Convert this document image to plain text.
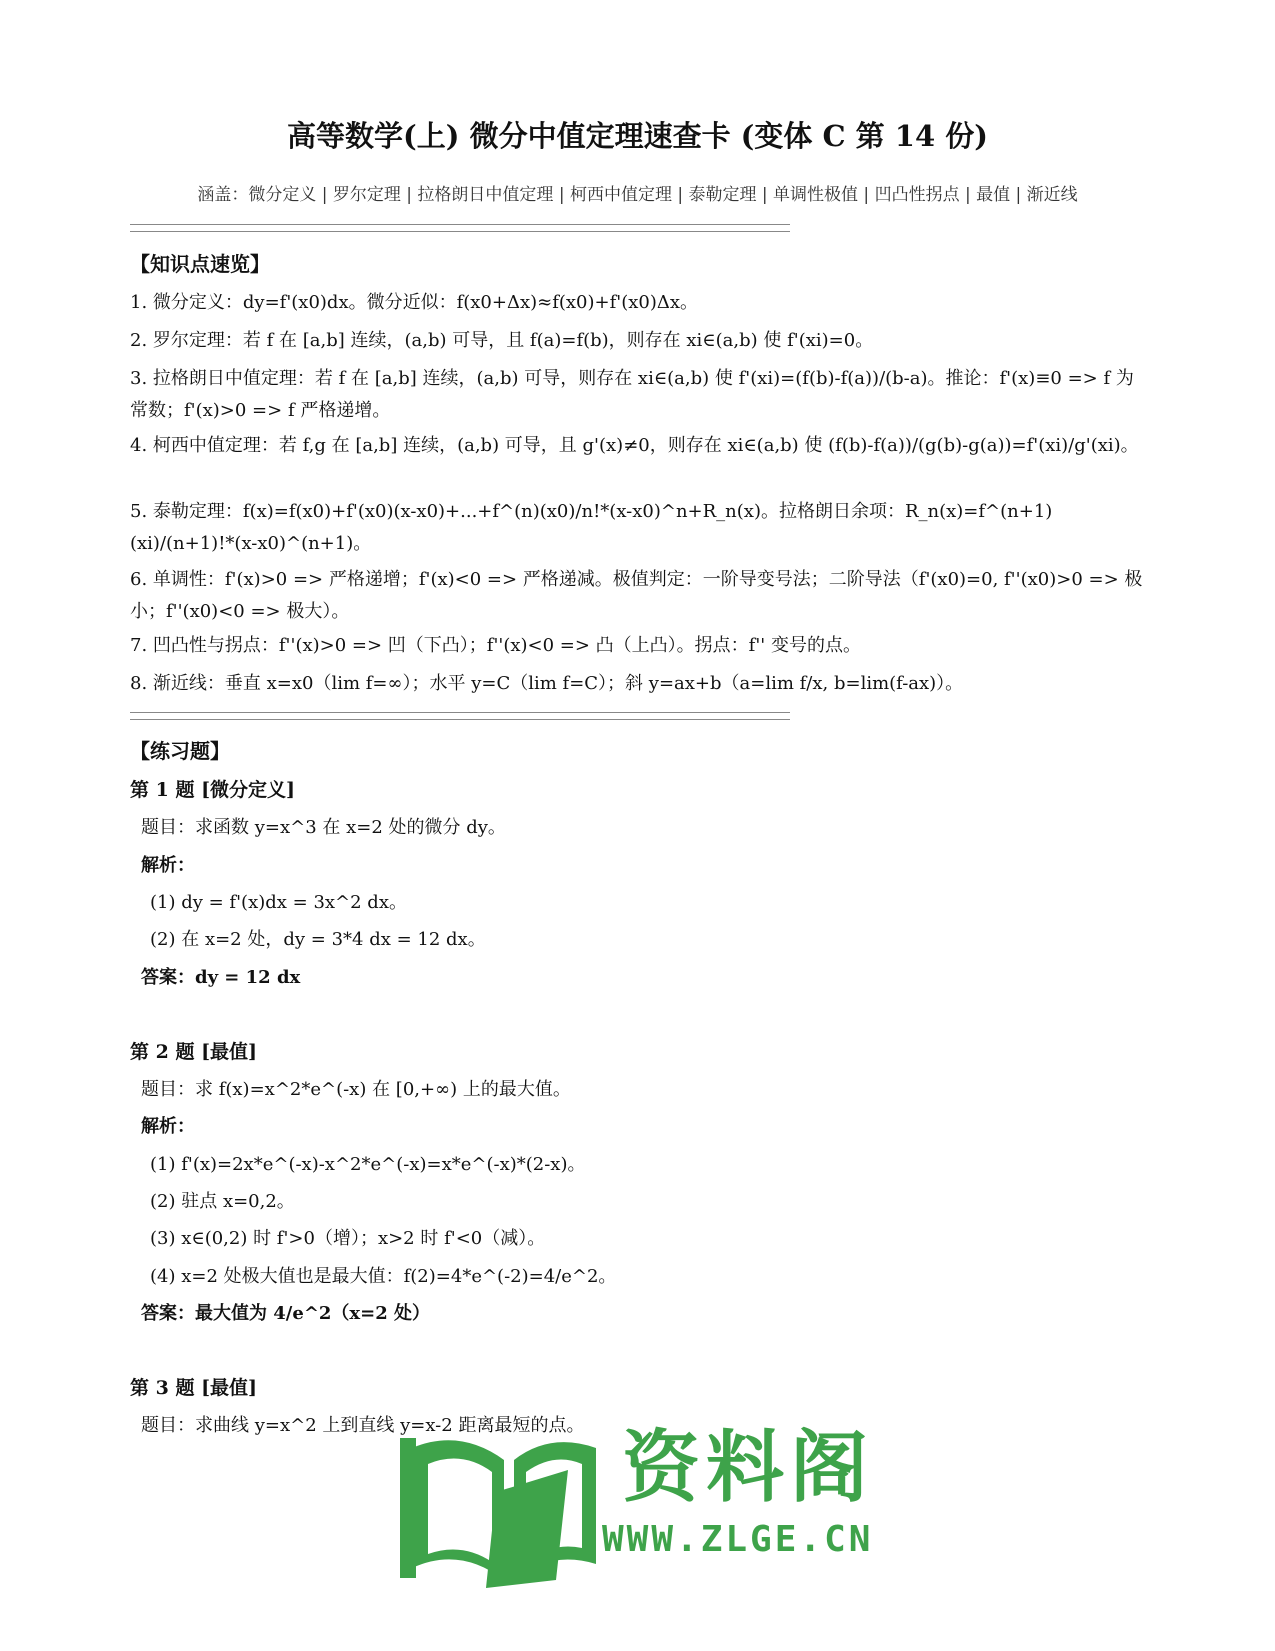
高等数学(上) 微分中值定理速查卡 (变体 C 第 14 份)
涵盖：微分定义 | 罗尔定理 | 拉格朗日中值定理 | 柯西中值定理 | 泰勒定理 | 单调性极值 | 凹凸性拐点 | 最值 | 渐近线
【知识点速览】
1. 微分定义：dy=f'(x0)dx。微分近似：f(x0+Δx)≈f(x0)+f'(x0)Δx。
2. 罗尔定理：若 f 在 [a,b] 连续，(a,b) 可导，且 f(a)=f(b)，则存在 xi∈(a,b) 使 f'(xi)=0。
3. 拉格朗日中值定理：若 f 在 [a,b] 连续，(a,b) 可导，则存在 xi∈(a,b) 使 f'(xi)=(f(b)-f(a))/(b-a)。推论：f'(x)≡0 => f 为常数；f'(x)>0 => f 严格递增。
4. 柯西中值定理：若 f,g 在 [a,b] 连续，(a,b) 可导，且 g'(x)≠0，则存在 xi∈(a,b) 使 (f(b)-f(a))/(g(b)-g(a))=f'(xi)/g'(xi)。
5. 泰勒定理：f(x)=f(x0)+f'(x0)(x-x0)+...+f^(n)(x0)/n!*(x-x0)^n+R_n(x)。拉格朗日余项：R_n(x)=f^(n+1)(xi)/(n+1)!*(x-x0)^(n+1)。
6. 单调性：f'(x)>0 => 严格递增；f'(x)<0 => 严格递减。极值判定：一阶导变号法；二阶导法（f'(x0)=0, f''(x0)>0 => 极小；f''(x0)<0 => 极大）。
7. 凹凸性与拐点：f''(x)>0 => 凹（下凸）；f''(x)<0 => 凸（上凸）。拐点：f'' 变号的点。
8. 渐近线：垂直 x=x0（lim f=∞）；水平 y=C（lim f=C）；斜 y=ax+b（a=lim f/x, b=lim(f-ax)）。
【练习题】
第 1 题 [微分定义]
题目：求函数 y=x^3 在 x=2 处的微分 dy。
解析：
(1) dy = f'(x)dx = 3x^2 dx。
(2) 在 x=2 处，dy = 3*4 dx = 12 dx。
答案：dy = 12 dx
第 2 题 [最值]
题目：求 f(x)=x^2*e^(-x) 在 [0,+∞) 上的最大值。
解析：
(1) f'(x)=2x*e^(-x)-x^2*e^(-x)=x*e^(-x)*(2-x)。
(2) 驻点 x=0,2。
(3) x∈(0,2) 时 f'>0（增）；x>2 时 f'<0（减）。
(4) x=2 处极大值也是最大值：f(2)=4*e^(-2)=4/e^2。
答案：最大值为 4/e^2（x=2 处）
第 3 题 [最值]
题目：求曲线 y=x^2 上到直线 y=x-2 距离最短的点。 资料阁
WWW.ZLGE.CN
